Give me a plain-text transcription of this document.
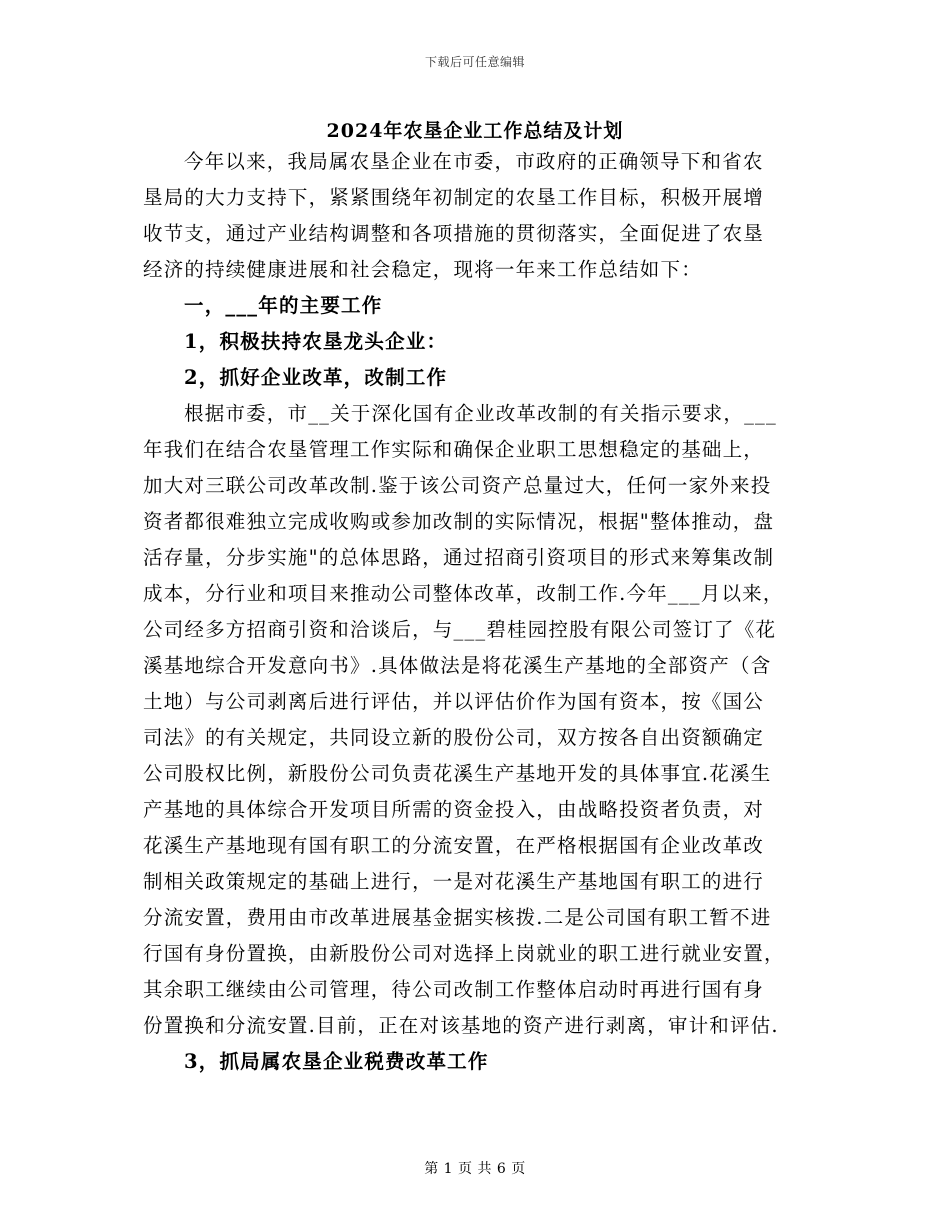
下载后可任意编辑
2024年农垦企业工作总结及计划
今年以来，我局属农垦企业在市委，市政府的正确领导下和省农
垦局的大力支持下，紧紧围绕年初制定的农垦工作目标，积极开展增
收节支，通过产业结构调整和各项措施的贯彻落实，全面促进了农垦
经济的持续健康进展和社会稳定，现将一年来工作总结如下：
一，___年的主要工作
1，积极扶持农垦龙头企业：
2，抓好企业改革，改制工作
根据市委，市__关于深化国有企业改革改制的有关指示要求，___
年我们在结合农垦管理工作实际和确保企业职工思想稳定的基础上，
加大对三联公司改革改制.鉴于该公司资产总量过大，任何一家外来投
资者都很难独立完成收购或参加改制的实际情况，根据"整体推动，盘
活存量，分步实施"的总体思路，通过招商引资项目的形式来筹集改制
成本，分行业和项目来推动公司整体改革，改制工作.今年___月以来，
公司经多方招商引资和洽谈后，与___碧桂园控股有限公司签订了《花
溪基地综合开发意向书》.具体做法是将花溪生产基地的全部资产（含
土地）与公司剥离后进行评估，并以评估价作为国有资本，按《国公
司法》的有关规定，共同设立新的股份公司，双方按各自出资额确定
公司股权比例，新股份公司负责花溪生产基地开发的具体事宜.花溪生
产基地的具体综合开发项目所需的资金投入，由战略投资者负责，对
花溪生产基地现有国有职工的分流安置，在严格根据国有企业改革改
制相关政策规定的基础上进行，一是对花溪生产基地国有职工的进行
分流安置，费用由市改革进展基金据实核拨.二是公司国有职工暂不进
行国有身份置换，由新股份公司对选择上岗就业的职工进行就业安置，
其余职工继续由公司管理，待公司改制工作整体启动时再进行国有身
份置换和分流安置.目前，正在对该基地的资产进行剥离，审计和评估.
3，抓局属农垦企业税费改革工作
第 1 页 共 6 页
